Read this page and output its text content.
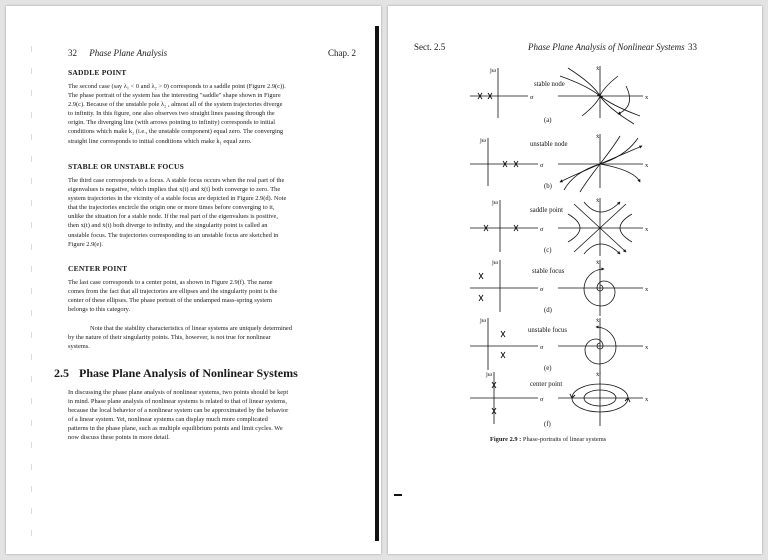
32 Phase Plane Analysis	Chap. 2
SADDLE POINT
The second case (say λ₁ < 0 and λ₂ > 0) corresponds to a saddle point (Figure 2.9(c)).
The phase portrait of the system has the interesting "saddle" shape shown in Figure
2.9(c). Because of the unstable pole λ₂ , almost all of the system trajectories diverge
to infinity. In this figure, one also observes two straight lines passing through the
origin. The diverging line (with arrows pointing to infinity) corresponds to initial
conditions which make k₂ (i.e., the unstable component) equal zero. The converging
straight line corresponds to initial conditions which make k₁ equal zero.
STABLE OR UNSTABLE FOCUS
The third case corresponds to a focus. A stable focus occurs when the real part of the
eigenvalues is negative, which implies that x(t) and ẋ(t) both converge to zero. The
system trajectories in the vicinity of a stable focus are depicted in Figure 2.9(d). Note
that the trajectories encircle the origin one or more times before converging to it,
unlike the situation for a stable node. If the real part of the eigenvalues is positive,
then x(t) and ẋ(t) both diverge to infinity, and the singularity point is called an
unstable focus. The trajectories corresponding to an unstable focus are sketched in
Figure 2.9(e).
CENTER POINT
The last case corresponds to a center point, as shown in Figure 2.9(f). The name
comes from the fact that all trajectories are ellipses and the singularity point is the
center of these ellipses. The phase portrait of the undamped mass-spring system
belongs to this category.
Note that the stability characteristics of linear systems are uniquely determined
by the nature of their singularity points. This, however, is not true for nonlinear
systems.
2.5 Phase Plane Analysis of Nonlinear Systems
In discussing the phase plane analysis of nonlinear systems, two points should be kept
in mind. Phase plane analysis of nonlinear systems is related to that of linear systems,
because the local behavior of a nonlinear system can be approximated by the behavior
of a linear system. Yet, nonlinear systems can display much more complicated
patterns in the phase plane, such as multiple equilibrium points and limit cycles. We
now discuss these points in more detail.
Sect. 2.5	Phase Plane Analysis of Nonlinear Systems 33
jω
σ
ẋ
x
jω
σ
ẋ
x
jω
σ
ẋ
x
jω
σ
ẋ
x
jω
σ
ẋ
x
jω
σ
ẋ
x
stable node
(a)
unstable node
(b)
saddle point
(c)
stable focus
(d)
unstable focus
(e)
center point
(f)
Figure 2.9 : Phase-portraits of linear systems
